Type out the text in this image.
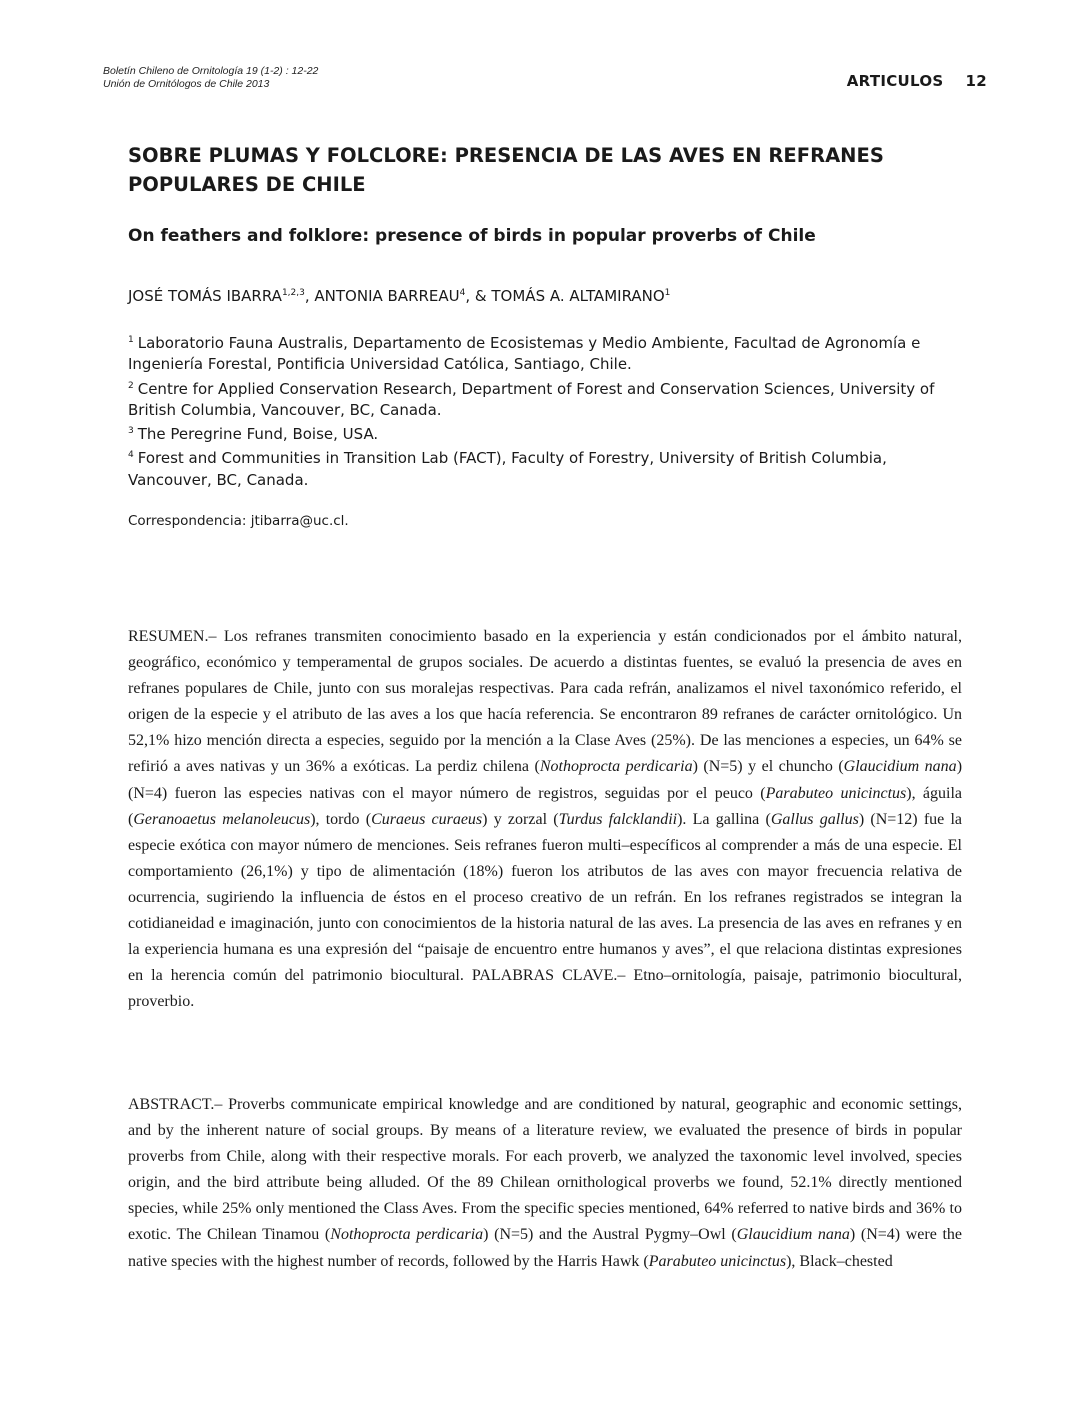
Boletín Chileno de Ornitología 19 (1-2) : 12-22
Unión de Ornitólogos de Chile 2013	ARTICULOS 12
SOBRE PLUMAS Y FOLCLORE: PRESENCIA DE LAS AVES EN REFRANES
POPULARES DE CHILE
On feathers and folklore: presence of birds in popular proverbs of Chile
JOSÉ TOMÁS IBARRA$^{1,2,3}$, ANTONIA BARREAU$^4$, & TOMÁS A. ALTAMIRANO$^1$

$^1$ Laboratorio Fauna Australis, Departamento de Ecosistemas y Medio Ambiente, Facultad de Agronomía e Ingeniería Forestal, Pontificia Universidad Católica, Santiago, Chile.

$^2$ Centre for Applied Conservation Research, Department of Forest and Conservation Sciences, University of British Columbia, Vancouver, BC, Canada.

$^3$ The Peregrine Fund, Boise, USA.

$^4$ Forest and Communities in Transition Lab (FACT), Faculty of Forestry, University of British Columbia, Vancouver, BC, Canada.

Correspondencia: jtibarra@uc.cl.

RESUMEN.– Los refranes transmiten conocimiento basado en la experiencia y están condicionados por el ámbito natural, geográfico, económico y temperamental de grupos sociales. De acuerdo a distintas fuentes, se evaluó la presencia de aves en refranes populares de Chile, junto con sus moralejas respectivas. Para cada refrán, analizamos el nivel taxonómico referido, el origen de la especie y el atributo de las aves a los que hacía referencia. Se encontraron 89 refranes de carácter ornitológico. Un 52,1% hizo mención directa a especies, seguido por la mención a la Clase Aves (25%). De las menciones a especies, un 64% se refirió a aves nativas y un 36% a exóticas. La perdiz chilena (Nothoprocta perdicaria) (N=5) y el chuncho (Glaucidium nana) (N=4) fueron las especies nativas con el mayor número de registros, seguidas por el peuco (Parabuteo unicinctus), águila (Geranoaetus melanoleucus), tordo (Curaeus curaeus) y zorzal (Turdus falcklandii). La gallina (Gallus gallus) (N=12) fue la especie exótica con mayor número de menciones. Seis refranes fueron multi–específicos al comprender a más de una especie. El comportamiento (26,1%) y tipo de alimentación (18%) fueron los atributos de las aves con mayor frecuencia relativa de ocurrencia, sugiriendo la influencia de éstos en el proceso creativo de un refrán. En los refranes registrados se integran la cotidianeidad e imaginación, junto con conocimientos de la historia natural de las aves. La presencia de las aves en refranes y en la experiencia humana es una expresión del “paisaje de encuentro entre humanos y aves”, el que relaciona distintas expresiones en la herencia común del patrimonio biocultural. PALABRAS CLAVE.– Etno–ornitología, paisaje, patrimonio biocultural, proverbio.

ABSTRACT.– Proverbs communicate empirical knowledge and are conditioned by natural, geographic and economic settings, and by the inherent nature of social groups. By means of a literature review, we evaluated the presence of birds in popular proverbs from Chile, along with their respective morals. For each proverb, we analyzed the taxonomic level involved, species origin, and the bird attribute being alluded. Of the 89 Chilean ornithological proverbs we found, 52.1% directly mentioned species, while 25% only mentioned the Class Aves. From the specific species mentioned, 64% referred to native birds and 36% to exotic. The Chilean Tinamou (Nothoprocta perdicaria) (N=5) and the Austral Pygmy–Owl (Glaucidium nana) (N=4) were the native species with the highest number of records, followed by the Harris Hawk (Parabuteo unicinctus), Black–chested
